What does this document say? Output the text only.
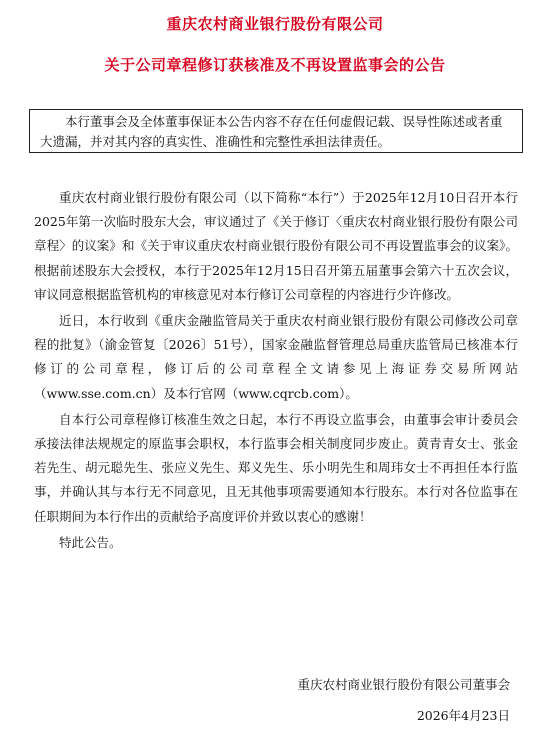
重庆农村商业银行股份有限公司
关于公司章程修订获核准及不再设置监事会的公告

本行董事会及全体董事保证本公告内容不存在任何虚假记载、误导性陈述或者重大遗漏，并对其内容的真实性、准确性和完整性承担法律责任。

重庆农村商业银行股份有限公司（以下简称“本行”）于2025年12月10日召开本行2025年第一次临时股东大会，审议通过了《关于修订〈重庆农村商业银行股份有限公司章程〉的议案》和《关于审议重庆农村商业银行股份有限公司不再设置监事会的议案》。根据前述股东大会授权，本行于2025年12月15日召开第五届董事会第六十五次会议，审议同意根据监管机构的审核意见对本行修订公司章程的内容进行少许修改。

近日，本行收到《重庆金融监管局关于重庆农村商业银行股份有限公司修改公司章程的批复》（渝金管复〔2026〕51号），国家金融监督管理总局重庆监管局已核准本行修订的公司章程，修订后的公司章程全文请参见上海证券交易所网站（www.sse.com.cn）及本行官网（www.cqrcb.com）。

自本行公司章程修订核准生效之日起，本行不再设立监事会，由董事会审计委员会承接法律法规规定的原监事会职权，本行监事会相关制度同步废止。黄青青女士、张金若先生、胡元聪先生、张应义先生、郑义先生、乐小明先生和周玮女士不再担任本行监事，并确认其与本行无不同意见，且无其他事项需要通知本行股东。本行对各位监事在任职期间为本行作出的贡献给予高度评价并致以衷心的感谢！

特此公告。

重庆农村商业银行股份有限公司董事会
2026年4月23日
